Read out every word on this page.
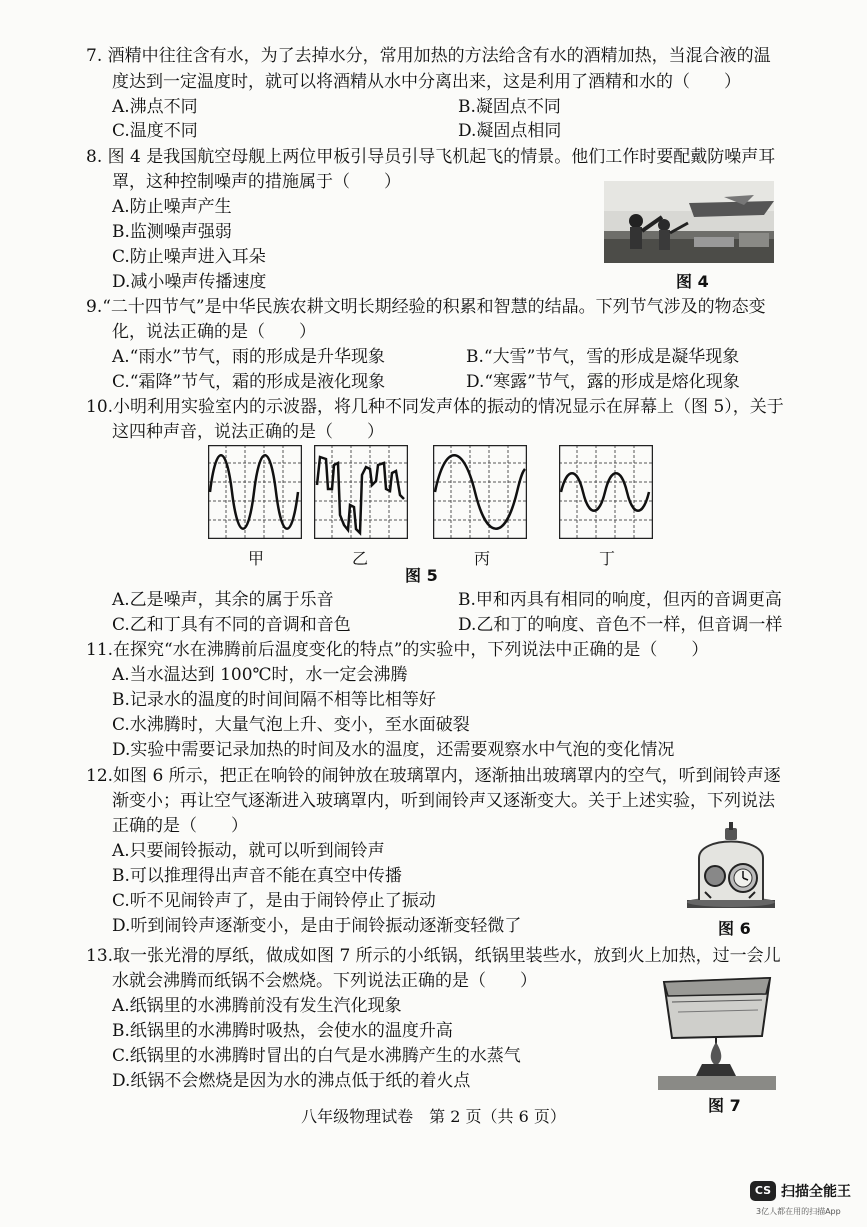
7. 酒精中往往含有水，为了去掉水分，常用加热的方法给含有水的酒精加热，当混合液的温
度达到一定温度时，就可以将酒精从水中分离出来，这是利用了酒精和水的（　　）
A.沸点不同	B.凝固点不同
C.温度不同	D.凝固点相同
8. 图 4 是我国航空母舰上两位甲板引导员引导飞机起飞的情景。他们工作时要配戴防噪声耳
罩，这种控制噪声的措施属于（　　）
A.防止噪声产生
B.监测噪声强弱
C.防止噪声进入耳朵
D.减小噪声传播速度	图 4
9.“二十四节气”是中华民族农耕文明长期经验的积累和智慧的结晶。下列节气涉及的物态变
化，说法正确的是（　　）
A.“雨水”节气，雨的形成是升华现象	B.“大雪”节气，雪的形成是凝华现象
C.“霜降”节气，霜的形成是液化现象	D.“寒露”节气，露的形成是熔化现象
10.小明利用实验室内的示波器，将几种不同发声体的振动的情况显示在屏幕上（图 5），关于
这四种声音，说法正确的是（　　）
甲	乙	丙	丁
图 5
A.乙是噪声，其余的属于乐音	B.甲和丙具有相同的响度，但丙的音调更高
C.乙和丁具有不同的音调和音色	D.乙和丁的响度、音色不一样，但音调一样
11.在探究“水在沸腾前后温度变化的特点”的实验中，下列说法中正确的是（　　）
A.当水温达到 100℃时，水一定会沸腾
B.记录水的温度的时间间隔不相等比相等好
C.水沸腾时，大量气泡上升、变小，至水面破裂
D.实验中需要记录加热的时间及水的温度，还需要观察水中气泡的变化情况
12.如图 6 所示，把正在响铃的闹钟放在玻璃罩内，逐渐抽出玻璃罩内的空气，听到闹铃声逐
渐变小；再让空气逐渐进入玻璃罩内，听到闹铃声又逐渐变大。关于上述实验，下列说法
正确的是（　　）
A.只要闹铃振动，就可以听到闹铃声
B.可以推理得出声音不能在真空中传播
C.听不见闹铃声了，是由于闹铃停止了振动
D.听到闹铃声逐渐变小，是由于闹铃振动逐渐变轻微了	图 6
13.取一张光滑的厚纸，做成如图 7 所示的小纸锅，纸锅里装些水，放到火上加热，过一会儿
水就会沸腾而纸锅不会燃烧。下列说法正确的是（　　）
A.纸锅里的水沸腾前没有发生汽化现象
B.纸锅里的水沸腾时吸热，会使水的温度升高
C.纸锅里的水沸腾时冒出的白气是水沸腾产生的水蒸气
D.纸锅不会燃烧是因为水的沸点低于纸的着火点
图 7
八年级物理试卷　第 2 页（共 6 页）
CS 扫描全能王
3亿人都在用的扫描App
